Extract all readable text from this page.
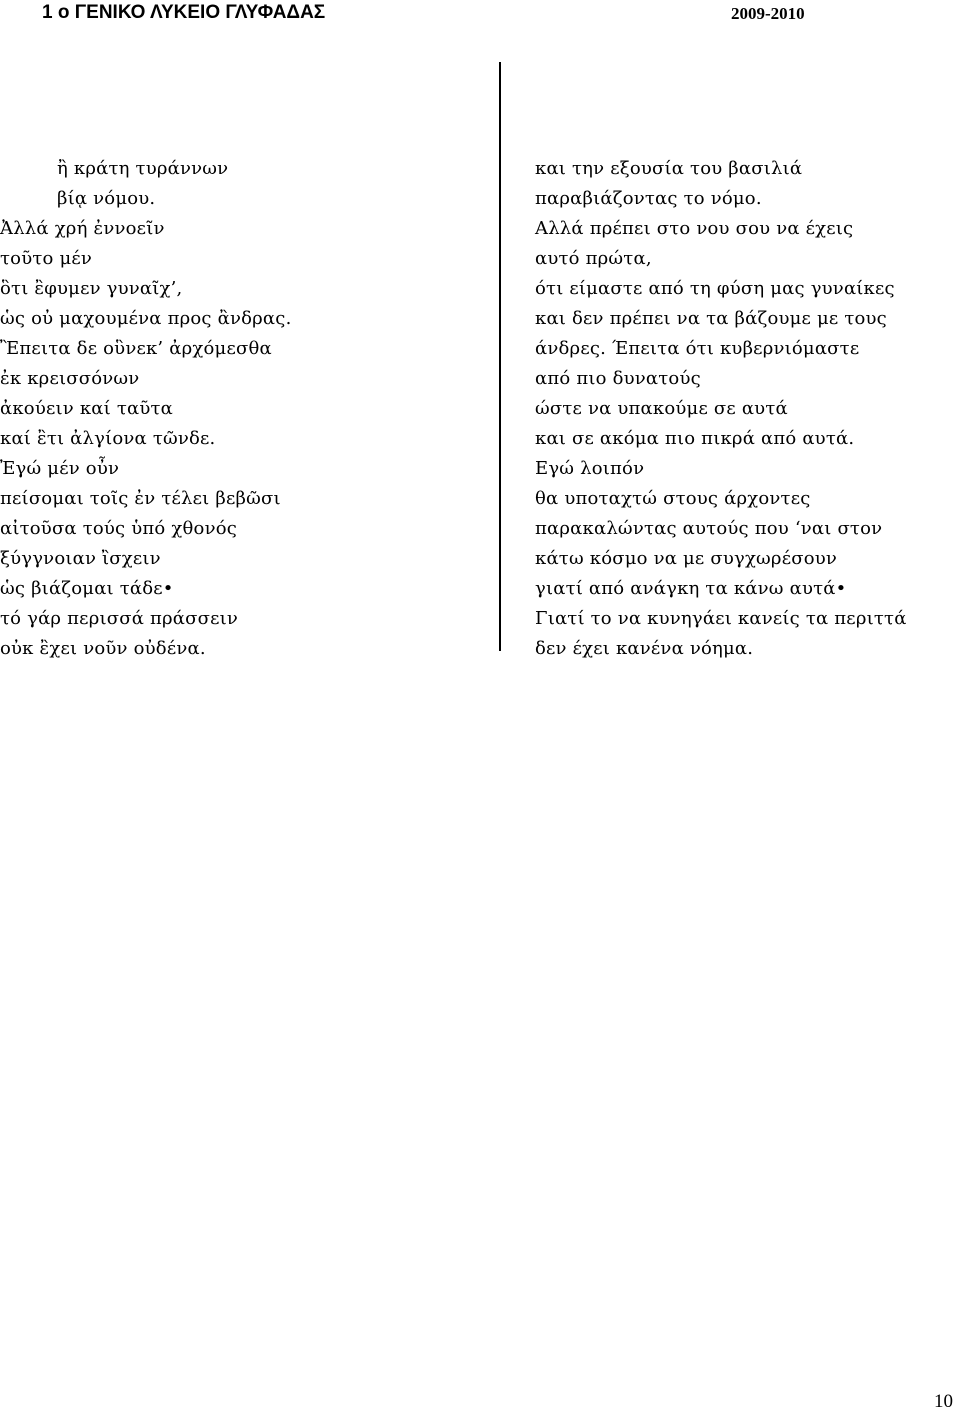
1 ο ΓΕΝΙΚΟ ΛΥΚΕΙΟ ΓΛΥΦΑΔΑΣ	2009-2010
ἢ κράτη τυράννων
βίᾳ νόμου.
Ἀλλά χρή ἐννοεῖν
τοῦτο μέν
ὃτι ἒφυμεν γυναῖχ’,
ὡς οὐ μαχουμένα προς ἂνδρας.
Ἒπειτα δε οὓνεκ’ ἀρχόμεσθα
ἐκ κρεισσόνων
ἀκούειν καί ταῦτα
καί ἒτι ἀλγίονα τῶνδε.
Ἐγώ μέν οὖν
πείσομαι τοῖς ἐν τέλει βεβῶσι
αἰτοῦσα τούς ὑπό χθονός
ξύγγνοιαν ἲσχειν
ὡς βιάζομαι τάδε•
τό γάρ περισσά πράσσειν
οὐκ ἒχει νοῦν οὐδένα.
και την εξουσία του βασιλιά
παραβιάζοντας το νόμο.
Αλλά πρέπει στο νου σου να έχεις
αυτό πρώτα,
ότι είμαστε από τη φύση μας γυναίκες
και δεν πρέπει να τα βάζουμε με τους
άνδρες. Έπειτα ότι κυβερνιόμαστε
από πιο δυνατούς
ώστε να υπακούμε σε αυτά
και σε ακόμα πιο πικρά από αυτά.
Εγώ λοιπόν
θα υποταχτώ στους άρχοντες
παρακαλώντας αυτούς που ‘ναι στον
κάτω κόσμο να με συγχωρέσουν
γιατί από ανάγκη τα κάνω αυτά•
Γιατί το να κυνηγάει κανείς τα περιττά
δεν έχει κανένα νόημα.
10
